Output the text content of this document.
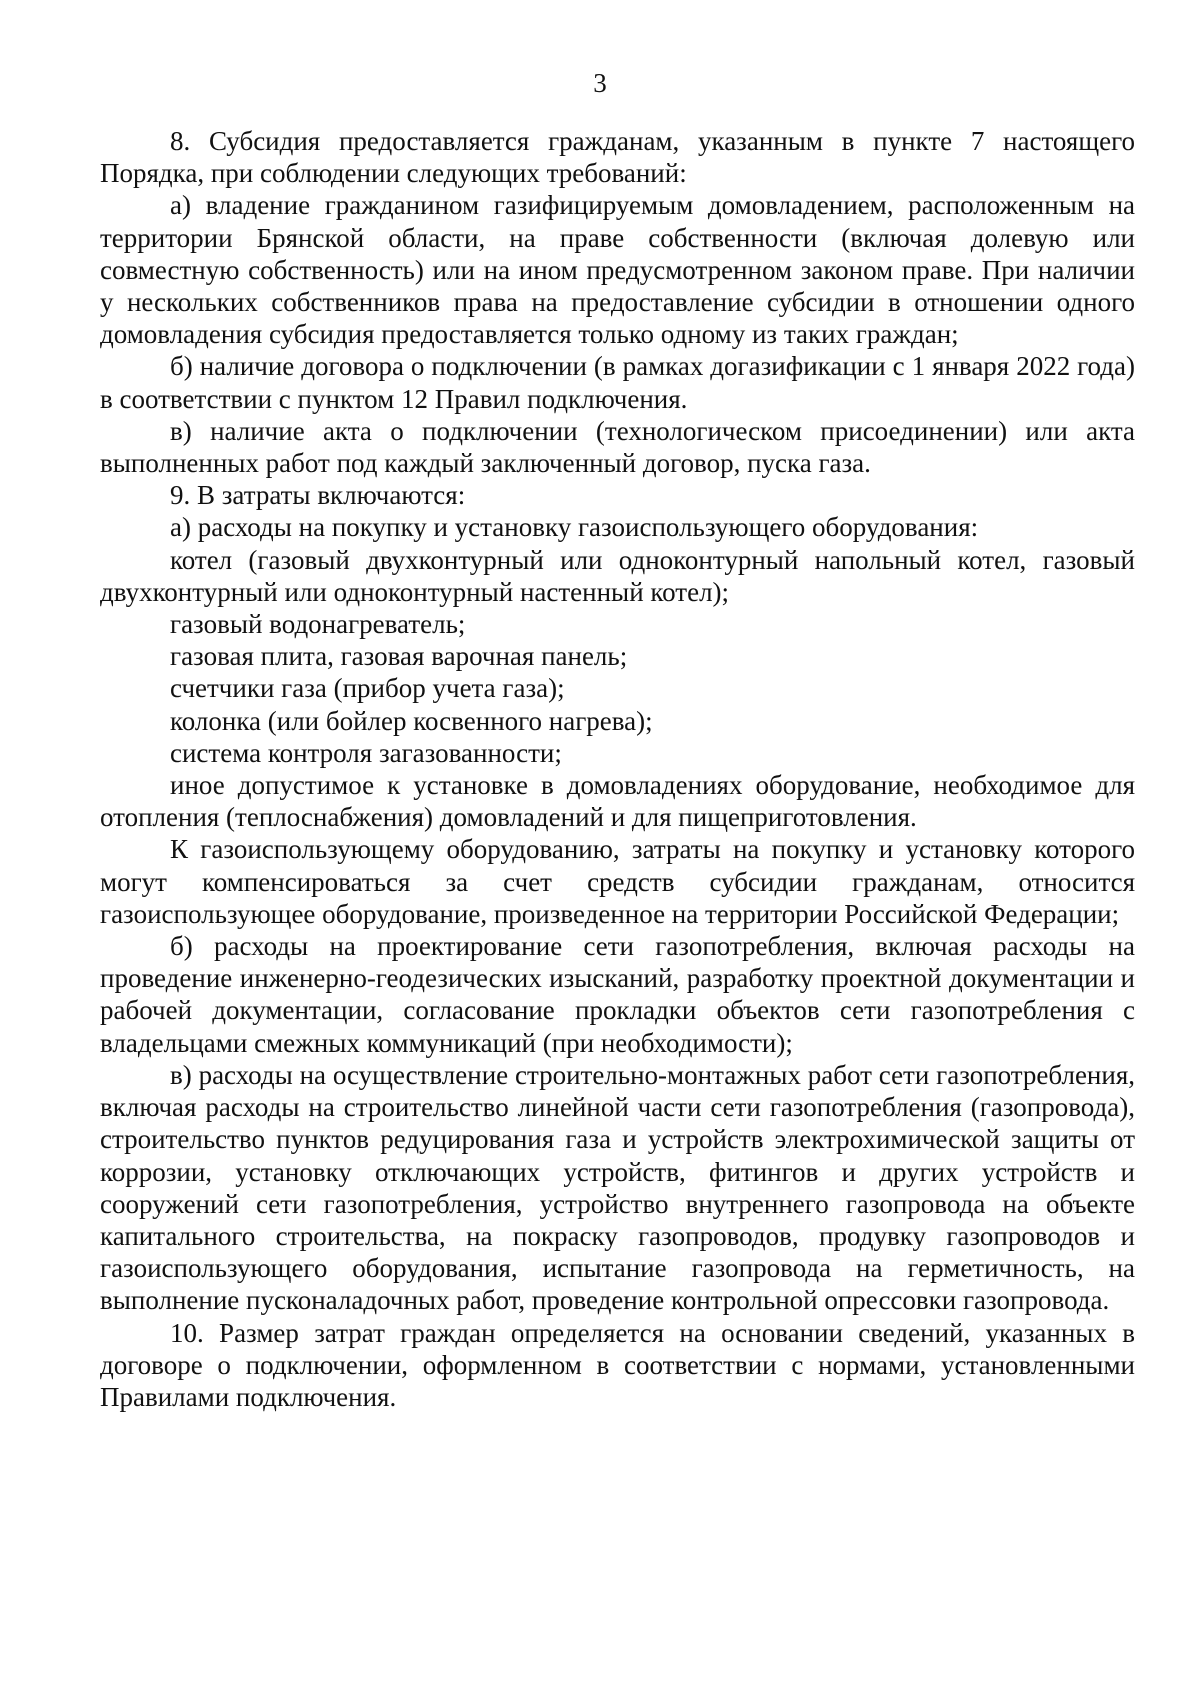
3

8. Субсидия предоставляется гражданам, указанным в пункте 7 настоящего Порядка, при соблюдении следующих требований:

а) владение гражданином газифицируемым домовладением, расположенным на территории Брянской области, на праве собственности (включая долевую или совместную собственность) или на ином предусмотренном законом праве. При наличии у нескольких собственников права на предоставление субсидии в отношении одного домовладения субсидия предоставляется только одному из таких граждан;

б) наличие договора о подключении (в рамках догазификации с 1 января 2022 года) в соответствии с пунктом 12 Правил подключения.

в) наличие акта о подключении (технологическом присоединении) или акта выполненных работ под каждый заключенный договор, пуска газа.

9. В затраты включаются:

а) расходы на покупку и установку газоиспользующего оборудования:

котел (газовый двухконтурный или одноконтурный напольный котел, газовый двухконтурный или одноконтурный настенный котел);

газовый водонагреватель;

газовая плита, газовая варочная панель;

счетчики газа (прибор учета газа);

колонка (или бойлер косвенного нагрева);

система контроля загазованности;

иное допустимое к установке в домовладениях оборудование, необходимое для отопления (теплоснабжения) домовладений и для пищеприготовления.

К газоиспользующему оборудованию, затраты на покупку и установку которого могут компенсироваться за счет средств субсидии гражданам, относится газоиспользующее оборудование, произведенное на территории Российской Федерации;

б) расходы на проектирование сети газопотребления, включая расходы на проведение инженерно-геодезических изысканий, разработку проектной документации и рабочей документации, согласование прокладки объектов сети газопотребления с владельцами смежных коммуникаций (при необходимости);

в) расходы на осуществление строительно-монтажных работ сети газопотребления, включая расходы на строительство линейной части сети газопотребления (газопровода), строительство пунктов редуцирования газа и устройств электрохимической защиты от коррозии, установку отключающих устройств, фитингов и других устройств и сооружений сети газопотребления, устройство внутреннего газопровода на объекте капитального строительства, на покраску газопроводов, продувку газопроводов и газоиспользующего оборудования, испытание газопровода на герметичность, на выполнение пусконаладочных работ, проведение контрольной опрессовки газопровода.

10. Размер затрат граждан определяется на основании сведений, указанных в договоре о подключении, оформленном в соответствии с нормами, установленными Правилами подключения.
